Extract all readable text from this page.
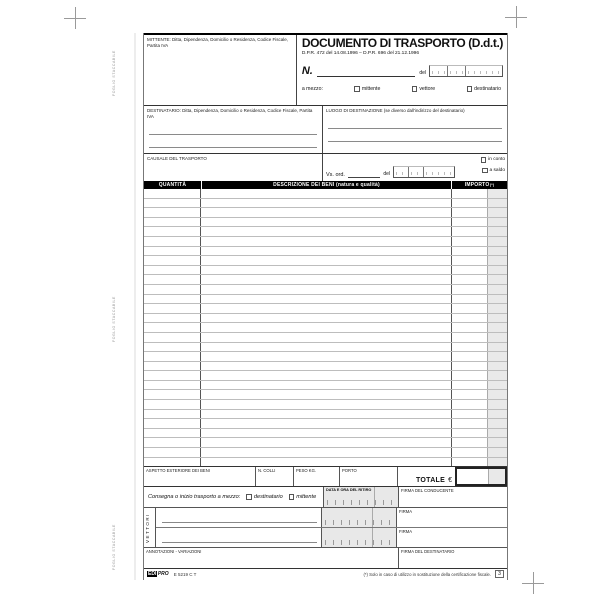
FOGLIO STACCABILE
FOGLIO STACCABILE
FOGLIO STACCABILE
MITTENTE: Ditta, Dipendenza, Domicilio o Residenza, Codice Fiscale, Partita IVA	DOCUMENTO DI TRASPORTO (D.d.t.)
D.P.R. 472 del 14.08.1996 – D.P.R. 696 del 21.12.1996
N.	del
a mezzo:	mittente	vettore	destinatario
DESTINATARIO: Ditta, Dipendenza, Domicilio o Residenza, Codice Fiscale, Partita IVA
LUOGO DI DESTINAZIONE (se diverso dall'indirizzo del destinatario)
CAUSALE DEL TRASPORTO
Vs. ord.	del
in conto
a saldo
QUANTITÀ	DESCRIZIONE DEI BENI (natura e qualità)	IMPORTO (*)
ASPETTO ESTERIORE DEI BENI	N. COLLI	PESO KG.	PORTO
TOTALE €
Consegna o inizio trasporto a mezzo: destinatario mittente
DATA E ORA DEL RITIRO	FIRMA DEL CONDUCENTE
VETTORI
FIRMA
FIRMA
ANNOTAZIONI - VARIAZIONI	FIRMA DEL DESTINATARIO
EDI PRO E 5219 C T	(*) Solo in caso di utilizzo in sostituzione della certificazione fiscale.	3
